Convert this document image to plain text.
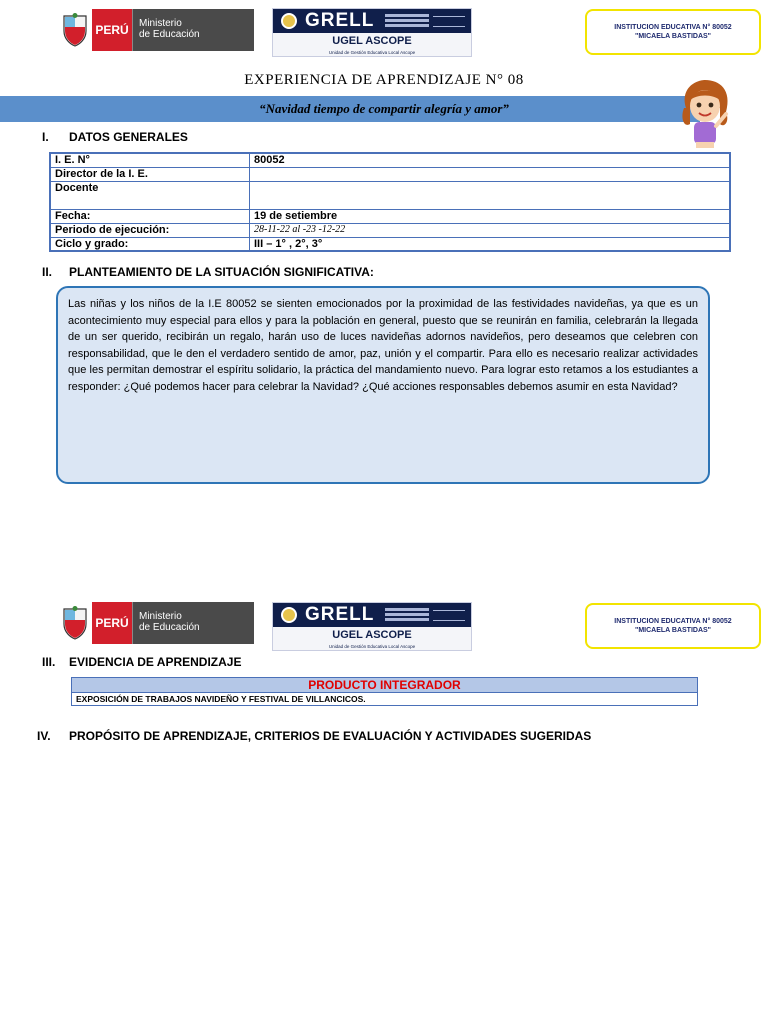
PERÚ	Ministerio
de Educación
GRELL
UGEL ASCOPE
Unidad de Gestión Educativa Local Ascope
INSTITUCION EDUCATIVA N° 80052
"MICAELA BASTIDAS"
EXPERIENCIA DE APRENDIZAJE N° 08
“Navidad tiempo de compartir alegría y amor”
I. DATOS GENERALES
I. E. N°	80052
Director de la I. E.	
Docente	
Fecha:	19 de setiembre
Periodo de ejecución:	28-11-22 al -23 -12-22
Ciclo y grado:	III – 1° , 2°, 3°
II. PLANTEAMIENTO DE LA SITUACIÓN SIGNIFICATIVA:
Las niñas y los niños de la I.E 80052 se sienten emocionados por la proximidad de las festividades navideñas, ya que es un acontecimiento muy especial para ellos y para la población en general, puesto que se reunirán en familia, celebrarán la llegada de un ser querido, recibirán un regalo, harán uso de luces navideñas adornos navideños, pero deseamos que celebren con responsabilidad, que le den el verdadero sentido de amor, paz, unión y el compartir. Para ello es necesario realizar actividades que les permitan demostrar el espíritu solidario, la práctica del mandamiento nuevo. Para lograr esto retamos a los estudiantes a responder: ¿Qué podemos hacer para celebrar la Navidad? ¿Qué acciones responsables debemos asumir en esta Navidad?
PERÚ	Ministerio
de Educación
GRELL
UGEL ASCOPE
Unidad de Gestión Educativa Local Ascope
INSTITUCION EDUCATIVA N° 80052
"MICAELA BASTIDAS"
III. EVIDENCIA DE APRENDIZAJE
PRODUCTO INTEGRADOR
EXPOSICIÓN DE TRABAJOS NAVIDEÑO Y FESTIVAL DE VILLANCICOS.
IV. PROPÓSITO DE APRENDIZAJE, CRITERIOS DE EVALUACIÓN Y ACTIVIDADES SUGERIDAS
